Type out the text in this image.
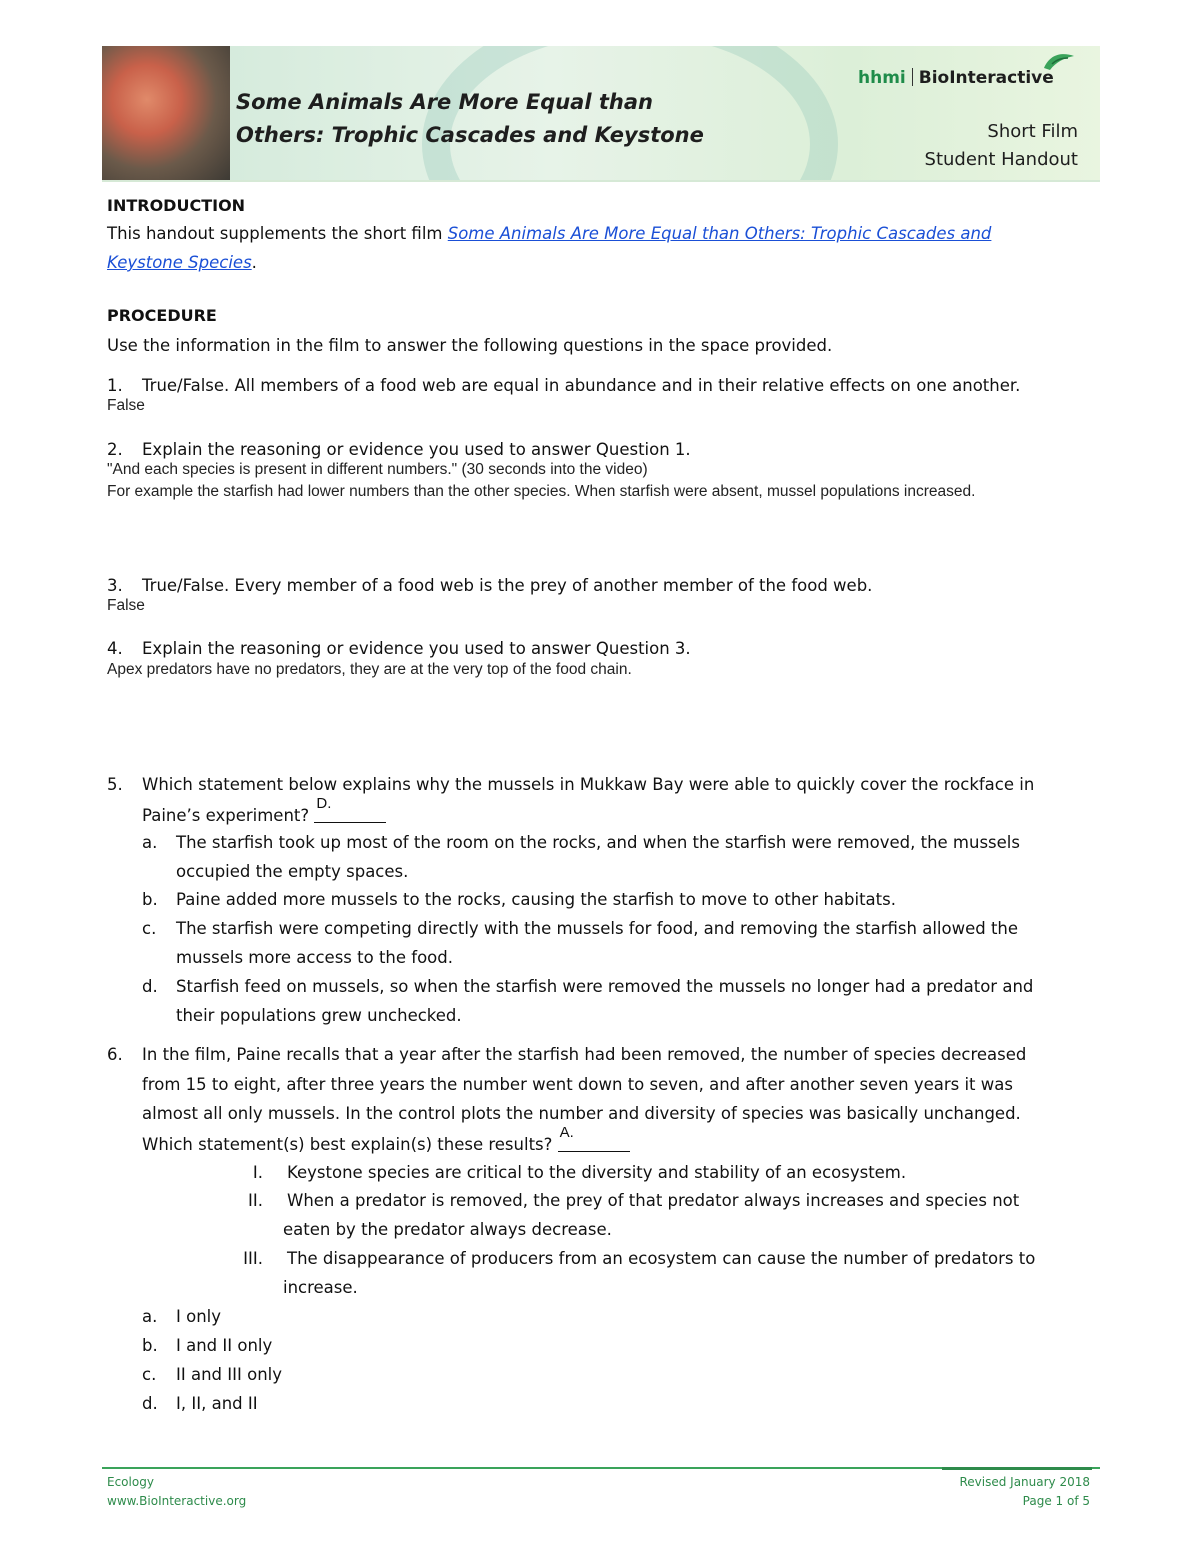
Some Animals Are More Equal than
Others: Trophic Cascades and Keystone
hhmi BioInteractive
Short Film
Student Handout
INTRODUCTION
This handout supplements the short film Some Animals Are More Equal than Others: Trophic Cascades and
Keystone Species.
PROCEDURE
Use the information in the film to answer the following questions in the space provided.
1. True/False. All members of a food web are equal in abundance and in their relative effects on one another.
False
2. Explain the reasoning or evidence you used to answer Question 1.
"And each species is present in different numbers." (30 seconds into the video)
For example the starfish had lower numbers than the other species. When starfish were absent, mussel populations increased.
3. True/False. Every member of a food web is the prey of another member of the food web.
False
4. Explain the reasoning or evidence you used to answer Question 3.
Apex predators have no predators, they are at the very top of the food chain.
5. Which statement below explains why the mussels in Mukkaw Bay were able to quickly cover the rockface in
Paine’s experiment?
D.
a. The starfish took up most of the room on the rocks, and when the starfish were removed, the mussels
occupied the empty spaces.
b. Paine added more mussels to the rocks, causing the starfish to move to other habitats.
c. The starfish were competing directly with the mussels for food, and removing the starfish allowed the
mussels more access to the food.
d. Starfish feed on mussels, so when the starfish were removed the mussels no longer had a predator and
their populations grew unchecked.
6. In the film, Paine recalls that a year after the starfish had been removed, the number of species decreased
from 15 to eight, after three years the number went down to seven, and after another seven years it was
almost all only mussels. In the control plots the number and diversity of species was basically unchanged.
Which statement(s) best explain(s) these results?
A.
I. Keystone species are critical to the diversity and stability of an ecosystem.
II. When a predator is removed, the prey of that predator always increases and species not
eaten by the predator always decrease.
III. The disappearance of producers from an ecosystem can cause the number of predators to
increase.
a. I only
b. I and II only
c. II and III only
d. I, II, and II
Ecology
www.BioInteractive.org
Revised January 2018
Page 1 of 5
